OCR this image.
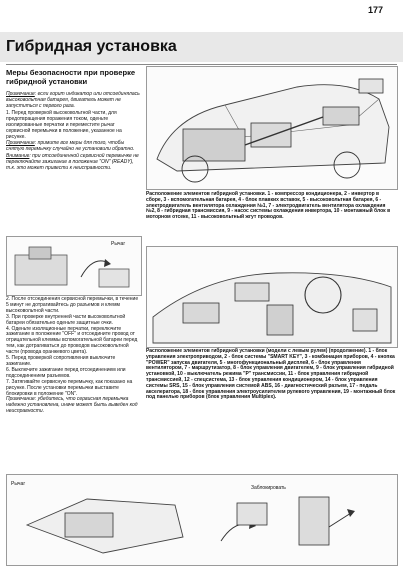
177
Гибридная установка
Меры безопасности при проверке гибридной установки

Примечание: если горит индикатор или отсоединялась высоковольтная батарея, двигатель может не запуститься с первого раза.

1. Перед проверкой высоковольтной части, для предотвращения поражения током, оденьте изолированные перчатки и переместите рычаг сервисной перемычки в положение, указанное на рисунке.

Примечание: примите все меры для того, чтобы снятую перемычку случайно не установили обратно.

Внимание: при отсоединенной сервисной перемычке не переключайте зажигание в положение "ON" (READY), т.к. это может привести к неисправности.

Рычаг

2. После отсоединения сервисной перемычки, в течение 5 минут не дотрагивайтесь до разъемов и клемм высоковольтной части.

3. При проверке внутренней части высоковольтной батареи обязательно оденьте защитные очки.

4. Оденьте изоляционные перчатки, переключите зажигание в положение "OFF" и отсоедините провод от отрицательной клеммы вспомогательной батареи перед тем, как дотрагиваться до проводов высоковольтной части (провода оранжевого цвета).

5. Перед проверкой сопротивления выключите зажигание.

6. Выключите зажигание перед отсоединением или подсоединением разъемов.

7. Затягивайте сервисную перемычку, как показано на рисунке. После установки перемычки выставите блокировки в положение "ON".

Примечание: убедитесь, что сервисная перемычка надежно установлена, иначе может быть выведен код неисправности.

Расположение элементов гибридной установки. 1 - компрессор кондиционера, 2 - инвертор в сборе, 3 - вспомогательная батарея, 4 - блок плавких вставок, 5 - высоковольтная батарея, 6 - электродвигатель вентилятора охлаждения №1, 7 - электродвигатель вентилятора охлаждения №2, 8 - гибридная трансмиссия, 9 - насос системы охлаждения инвертора, 10 - монтажный блок в моторном отсеке, 11 - высоковольтный жгут проводов.
Расположение элементов гибридной установки (модели с левым рулем) (продолжение). 1 - блок управления электроприводом, 2 - блок системы "SMART KEY", 3 - комбинация приборов, 4 - кнопка "POWER" запуска двигателя, 5 - многофункциональный дисплей, 6 - блок управления вентилятором, 7 - маршрутизатор, 8 - блок управления двигателем, 9 - блок управления гибридной установкой, 10 - выключатель режима "P" трансмиссии, 11 - блок управления гибридной трансмиссией, 12 - спецсистема, 13 - блок управления кондиционером, 14 - блок управления системы SRS, 15 - блок управления системой ABS, 16 - диагностический разъем, 17 - педаль акселератора, 18 - блок управления электроусилителем рулевого управления, 19 - монтажный блок под панелью приборов (блок управления Multiplex).
Рычаг
Заблокировать
